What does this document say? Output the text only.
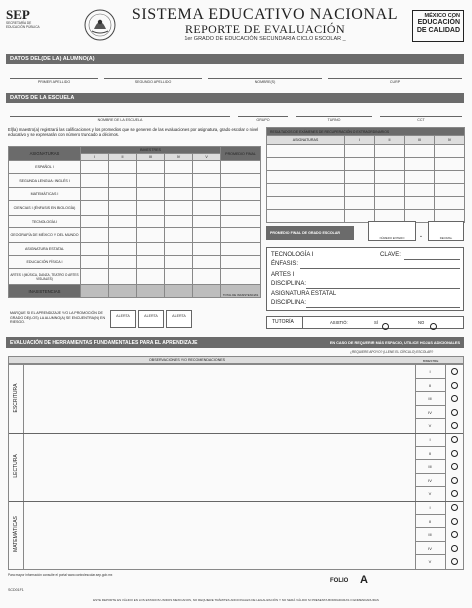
SEP
SECRETARÍA DE
EDUCACIÓN PÚBLICA
SISTEMA EDUCATIVO NACIONAL
REPORTE DE EVALUACIÓN
1er GRADO DE EDUCACIÓN SECUNDARIA CICLO ESCOLAR _
MÉXICO CON
EDUCACIÓN
DE CALIDAD
DATOS DEL(DE LA) ALUMNO(A)
PRIMER APELLIDO	SEGUNDO APELLIDO	NOMBRE(S)	CURP
DATOS DE LA ESCUELA
NOMBRE DE LA ESCUELA	GRUPO	TURNO	CCT
El(la) maestro(a) registrará las calificaciones y los promedios que se generen de las evaluaciones por asignatura, grado escolar o nivel educativo y se expresarán con número truncado a décimos.
ASIGNATURAS	BIMESTRES					PROMEDIO FINAL
	I	II	III	IV	V	
ESPAÑOL I						
SEGUNDA LENGUA: INGLÉS I						
MATEMÁTICAS I						
CIENCIAS I (ÉNFASIS EN BIOLOGÍA)						
TECNOLOGÍA I						
GEOGRAFÍA DE MÉXICO Y DEL MUNDO						
ASIGNATURA ESTATAL						
EDUCACIÓN FÍSICA I						
ARTES I (MÚSICA, DANZA, TEATRO O ARTES VISUALES)						
INASISTENCIAS						TOTAL DE INASISTENCIAS
MARQUE SI EL APRENDIZAJE Y/O LA PROMOCIÓN DE GRADO DE(LOS) LA ALUMNO(A) SE ENCUENTRA(N) EN RIESGO.
ALERTA	ALERTA	ALERTA
RESULTADOS DE EXÁMENES DE RECUPERACIÓN O EXTRAORDINARIOS				
ASIGNATURAS	I	II	III	IV

PROMEDIO FINAL DE GRADO ESCOLAR	.
NÚMERO ENTERO	DECIMAL
TECNOLOGÍA I	CLAVE:
ÉNFASIS:
ARTES I
DISCIPLINA:
ASIGNATURA ESTATAL
DISCIPLINA:
TUTORÍA	ASISTIÓ:	SÍ	NO
EVALUACIÓN DE HERRAMIENTAS FUNDAMENTALES PARA EL APRENDIZAJE	EN CASO DE REQUERIR MÁS ESPACIO, UTILICE HOJAS ADICIONALES
¿REQUIERE APOYO? (LLENE EL CÍRCULO) ESCOLAR?
OBSERVACIONES Y/O RECOMENDACIONES	BIMESTRE
ESCRITURA
LECTURA
MATEMÁTICAS
I
II
III
IV
V
I
II
III
IV
V
I
II
III
IV
V
Para mayor información consulte el portal www.controlescolar.sep.gob.mx
FOLIO A
SCD01F1
ESTE REPORTE ES VÁLIDO EN LOS ESTADOS UNIDOS MEXICANOS, NO REQUIERE TRÁMITES ADICIONALES DE LEGALIZACIÓN Y NO SERÁ VÁLIDO SI PRESENTA BORRADURAS O ENMENDADURAS
